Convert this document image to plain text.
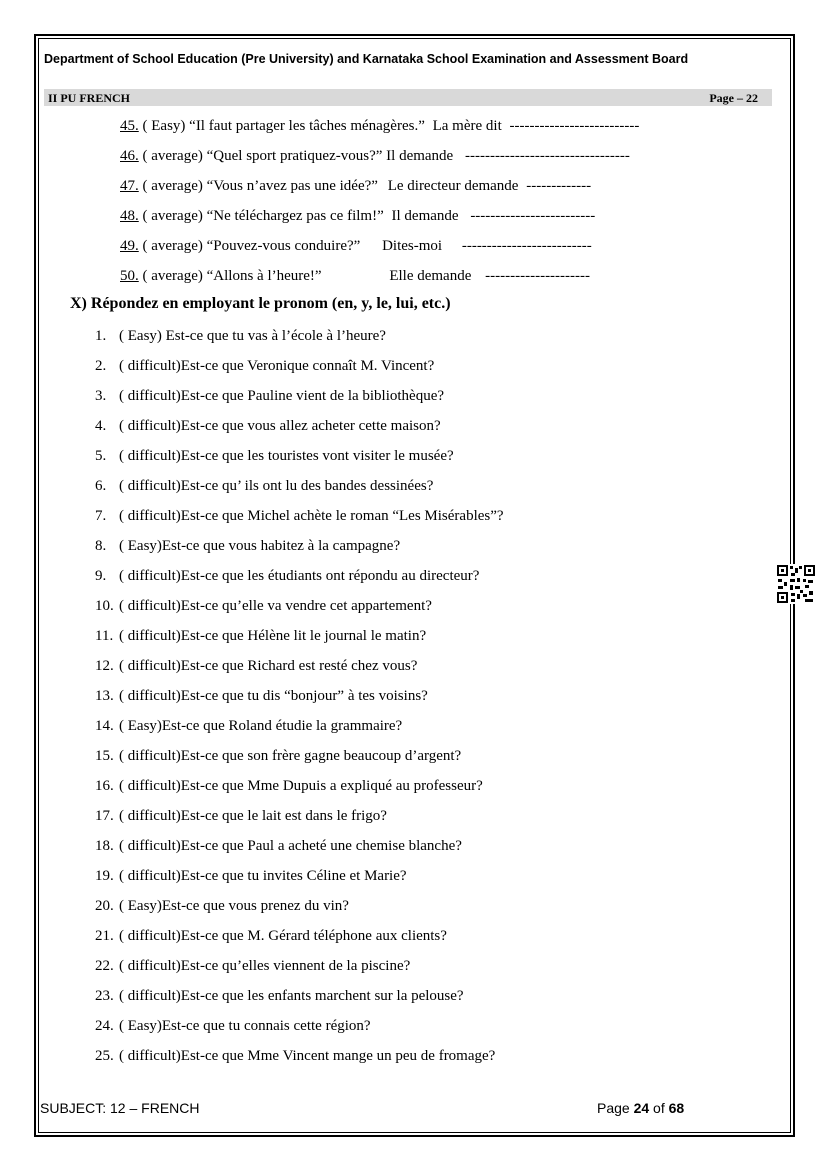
Department of School Education (Pre University) and Karnataka School Examination and Assessment Board
II PU FRENCH	Page – 22
45. ( Easy) “Il faut partager les tâches ménagères.” La mère dit --------------------------
46. ( average) “Quel sport pratiquez-vous?” Il demande ---------------------------------
47. ( average) “Vous n’avez pas une idée?” Le directeur demande -------------
48. ( average) “Ne téléchargez pas ce film!” Il demande -------------------------
49. ( average) “Pouvez-vous conduire?” Dites-moi --------------------------
50. ( average) “Allons à l’heure!”	Elle demande ---------------------
X) Répondez en employant le pronom (en, y, le, lui, etc.)
1. ( Easy) Est-ce que tu vas à l’école à l’heure?
2. ( difficult)Est-ce que Veronique connaît M. Vincent?
3. ( difficult)Est-ce que Pauline vient de la bibliothèque?
4. ( difficult)Est-ce que vous allez acheter cette maison?
5. ( difficult)Est-ce que les touristes vont visiter le musée?
6. ( difficult)Est-ce qu’ ils ont lu des bandes dessinées?
7. ( difficult)Est-ce que Michel achète le roman “Les Misérables”?
8. ( Easy)Est-ce que vous habitez à la campagne?
9. ( difficult)Est-ce que les étudiants ont répondu au directeur?
10. ( difficult)Est-ce qu’elle va vendre cet appartement?
11. ( difficult)Est-ce que Hélène lit le journal le matin?
12. ( difficult)Est-ce que Richard est resté chez vous?
13. ( difficult)Est-ce que tu dis “bonjour” à tes voisins?
14. ( Easy)Est-ce que Roland étudie la grammaire?
15. ( difficult)Est-ce que son frère gagne beaucoup d’argent?
16. ( difficult)Est-ce que Mme Dupuis a expliqué au professeur?
17. ( difficult)Est-ce que le lait est dans le frigo?
18. ( difficult)Est-ce que Paul a acheté une chemise blanche?
19. ( difficult)Est-ce que tu invites Céline et Marie?
20. ( Easy)Est-ce que vous prenez du vin?
21. ( difficult)Est-ce que M. Gérard téléphone aux clients?
22. ( difficult)Est-ce qu’elles viennent de la piscine?
23. ( difficult)Est-ce que les enfants marchent sur la pelouse?
24. ( Easy)Est-ce que tu connais cette région?
25. ( difficult)Est-ce que Mme Vincent mange un peu de fromage?
SUBJECT: 12 – FRENCH	Page 24 of 68
